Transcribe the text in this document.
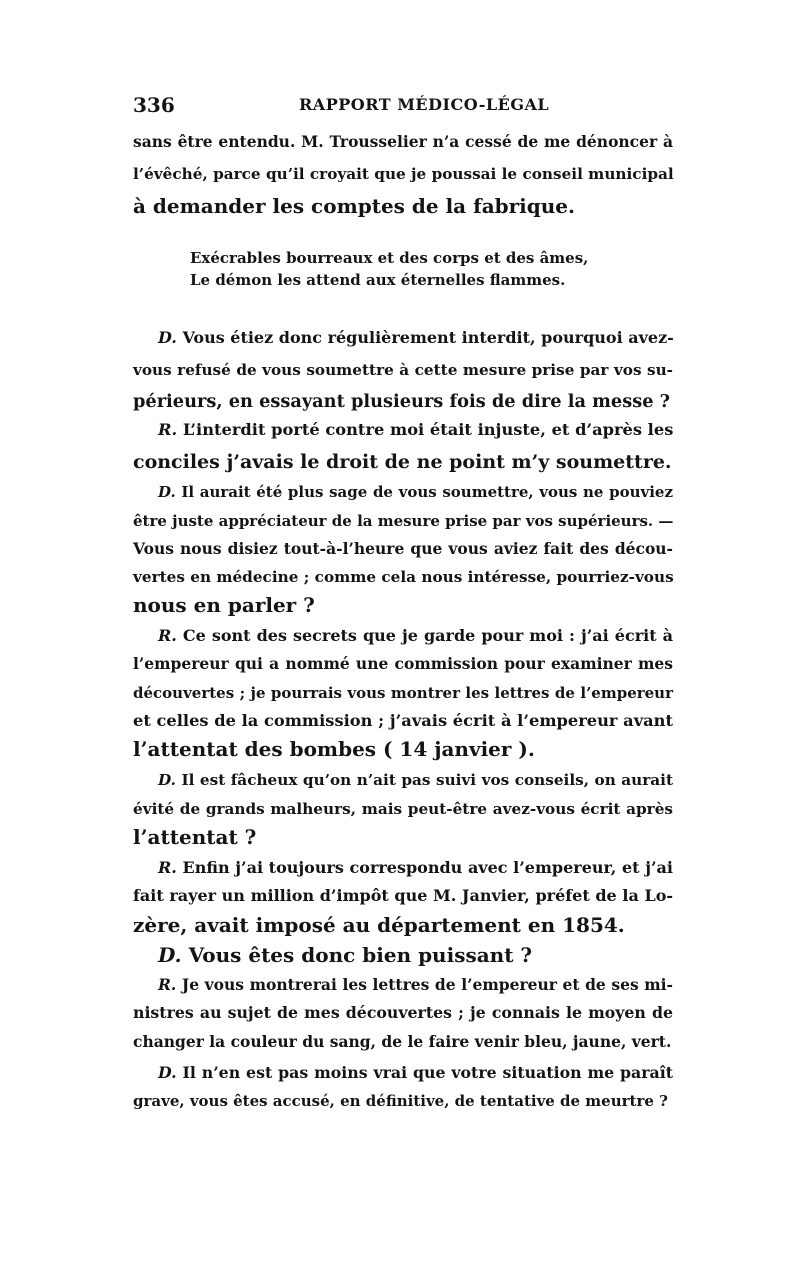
336	RAPPORT MÉDICO-LÉGAL
sans être entendu. M. Trousselier n’a cessé de me dénoncer à
l’évêché, parce qu’il croyait que je poussai le conseil municipal
à demander les comptes de la fabrique.
Exécrables bourreaux et des corps et des âmes,
Le démon les attend aux éternelles flammes.
D. Vous étiez donc régulièrement interdit, pourquoi avez-
vous refusé de vous soumettre à cette mesure prise par vos su-
périeurs, en essayant plusieurs fois de dire la messe ?
R. L’interdit porté contre moi était injuste, et d’après les
conciles j’avais le droit de ne point m’y soumettre.
D. Il aurait été plus sage de vous soumettre, vous ne pouviez
être juste appréciateur de la mesure prise par vos supérieurs. —
Vous nous disiez tout-à-l’heure que vous aviez fait des décou-
vertes en médecine ; comme cela nous intéresse, pourriez-vous
nous en parler ?
R. Ce sont des secrets que je garde pour moi : j’ai écrit à
l’empereur qui a nommé une commission pour examiner mes
découvertes ; je pourrais vous montrer les lettres de l’empereur
et celles de la commission ; j’avais écrit à l’empereur avant
l’attentat des bombes ( 14 janvier ).
D. Il est fâcheux qu’on n’ait pas suivi vos conseils, on aurait
évité de grands malheurs, mais peut-être avez-vous écrit après
l’attentat ?
R. Enfin j’ai toujours correspondu avec l’empereur, et j’ai
fait rayer un million d’impôt que M. Janvier, préfet de la Lo-
zère, avait imposé au département en 1854.
D. Vous êtes donc bien puissant ?
R. Je vous montrerai les lettres de l’empereur et de ses mi-
nistres au sujet de mes découvertes ; je connais le moyen de
changer la couleur du sang, de le faire venir bleu, jaune, vert.
D. Il n’en est pas moins vrai que votre situation me paraît
grave, vous êtes accusé, en définitive, de tentative de meurtre ?
